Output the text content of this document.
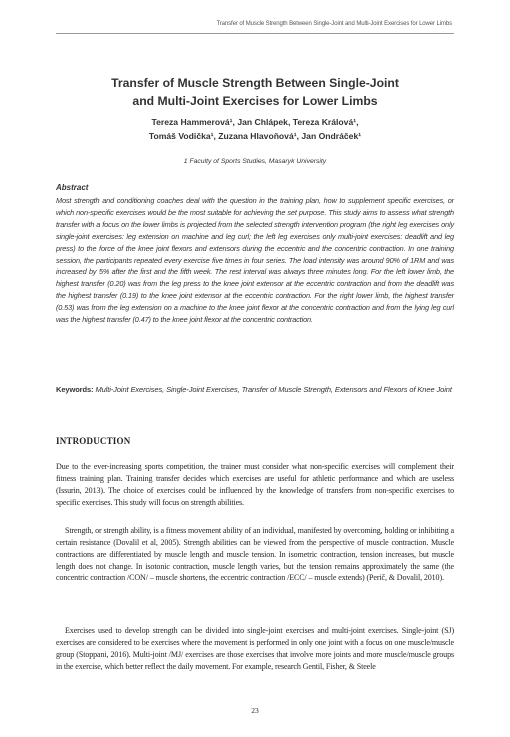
Transfer of Muscle Strength Between Single-Joint and Multi-Joint Exercises for Lower Limbs
Transfer of Muscle Strength Between Single-Joint
and Multi-Joint Exercises for Lower Limbs
Tereza Hammerová¹, Jan Chlápek, Tereza Králová¹,
Tomáš Vodička¹, Zuzana Hlavoňová¹, Jan Ondráček¹
1 Faculty of Sports Studies, Masaryk University
Abstract

Most strength and conditioning coaches deal with the question in the training plan, how to supplement specific exercises, or which non-specific exercises would be the most suitable for achieving the set purpose. This study aims to assess what strength transfer with a focus on the lower limbs is projected from the selected strength intervention program (the right leg exercises only single-joint exercises: leg extension on machine and leg curl; the left leg exercises only multi-joint exercises: deadlift and leg press) to the force of the knee joint flexors and extensors during the eccentric and the concentric contraction. In one training session, the participants repeated every exercise five times in four series. The load intensity was around 90% of 1RM and was increased by 5% after the first and the fifth week. The rest interval was always three minutes long. For the left lower limb, the highest transfer (0.20) was from the leg press to the knee joint extensor at the eccentric contraction and from the deadlift was the highest transfer (0.19) to the knee joint extensor at the eccentric contraction. For the right lower limb, the highest transfer (0.53) was from the leg extension on a machine to the knee joint flexor at the concentric contraction and from the lying leg curl was the highest transfer (0.47) to the knee joint flexor at the concentric contraction.

Keywords: Multi-Joint Exercises, Single-Joint Exercises, Transfer of Muscle Strength, Extensors and Flexors of Knee Joint

INTRODUCTION

Due to the ever-increasing sports competition, the trainer must consider what non-specific exercises will complement their fitness training plan. Training transfer decides which exercises are useful for athletic performance and which are useless (Issurin, 2013). The choice of exercises could be influenced by the knowledge of transfers from non-specific exercises to specific exercises. This study will focus on strength abilities.

Strength, or strength ability, is a fitness movement ability of an individual, manifested by overcoming, holding or inhibiting a certain resistance (Dovalil et al, 2005). Strength abilities can be viewed from the perspective of muscle contraction. Muscle contractions are differentiated by muscle length and muscle tension. In isometric contraction, tension increases, but muscle length does not change. In isotonic contraction, muscle length varies, but the tension remains approximately the same (the concentric contraction /CON/ – muscle shortens, the eccentric contraction /ECC/ – muscle extends) (Perič, & Dovalil, 2010).

Exercises used to develop strength can be divided into single-joint exercises and multi-joint exercises. Single-joint (SJ) exercises are considered to be exercises where the movement is performed in only one joint with a focus on one muscle/muscle group (Stoppani, 2016). Multi-joint /MJ/ exercises are those exercises that involve more joints and more muscle/muscle groups in the exercise, which better reflect the daily movement. For example, research Gentil, Fisher, & Steele

23
